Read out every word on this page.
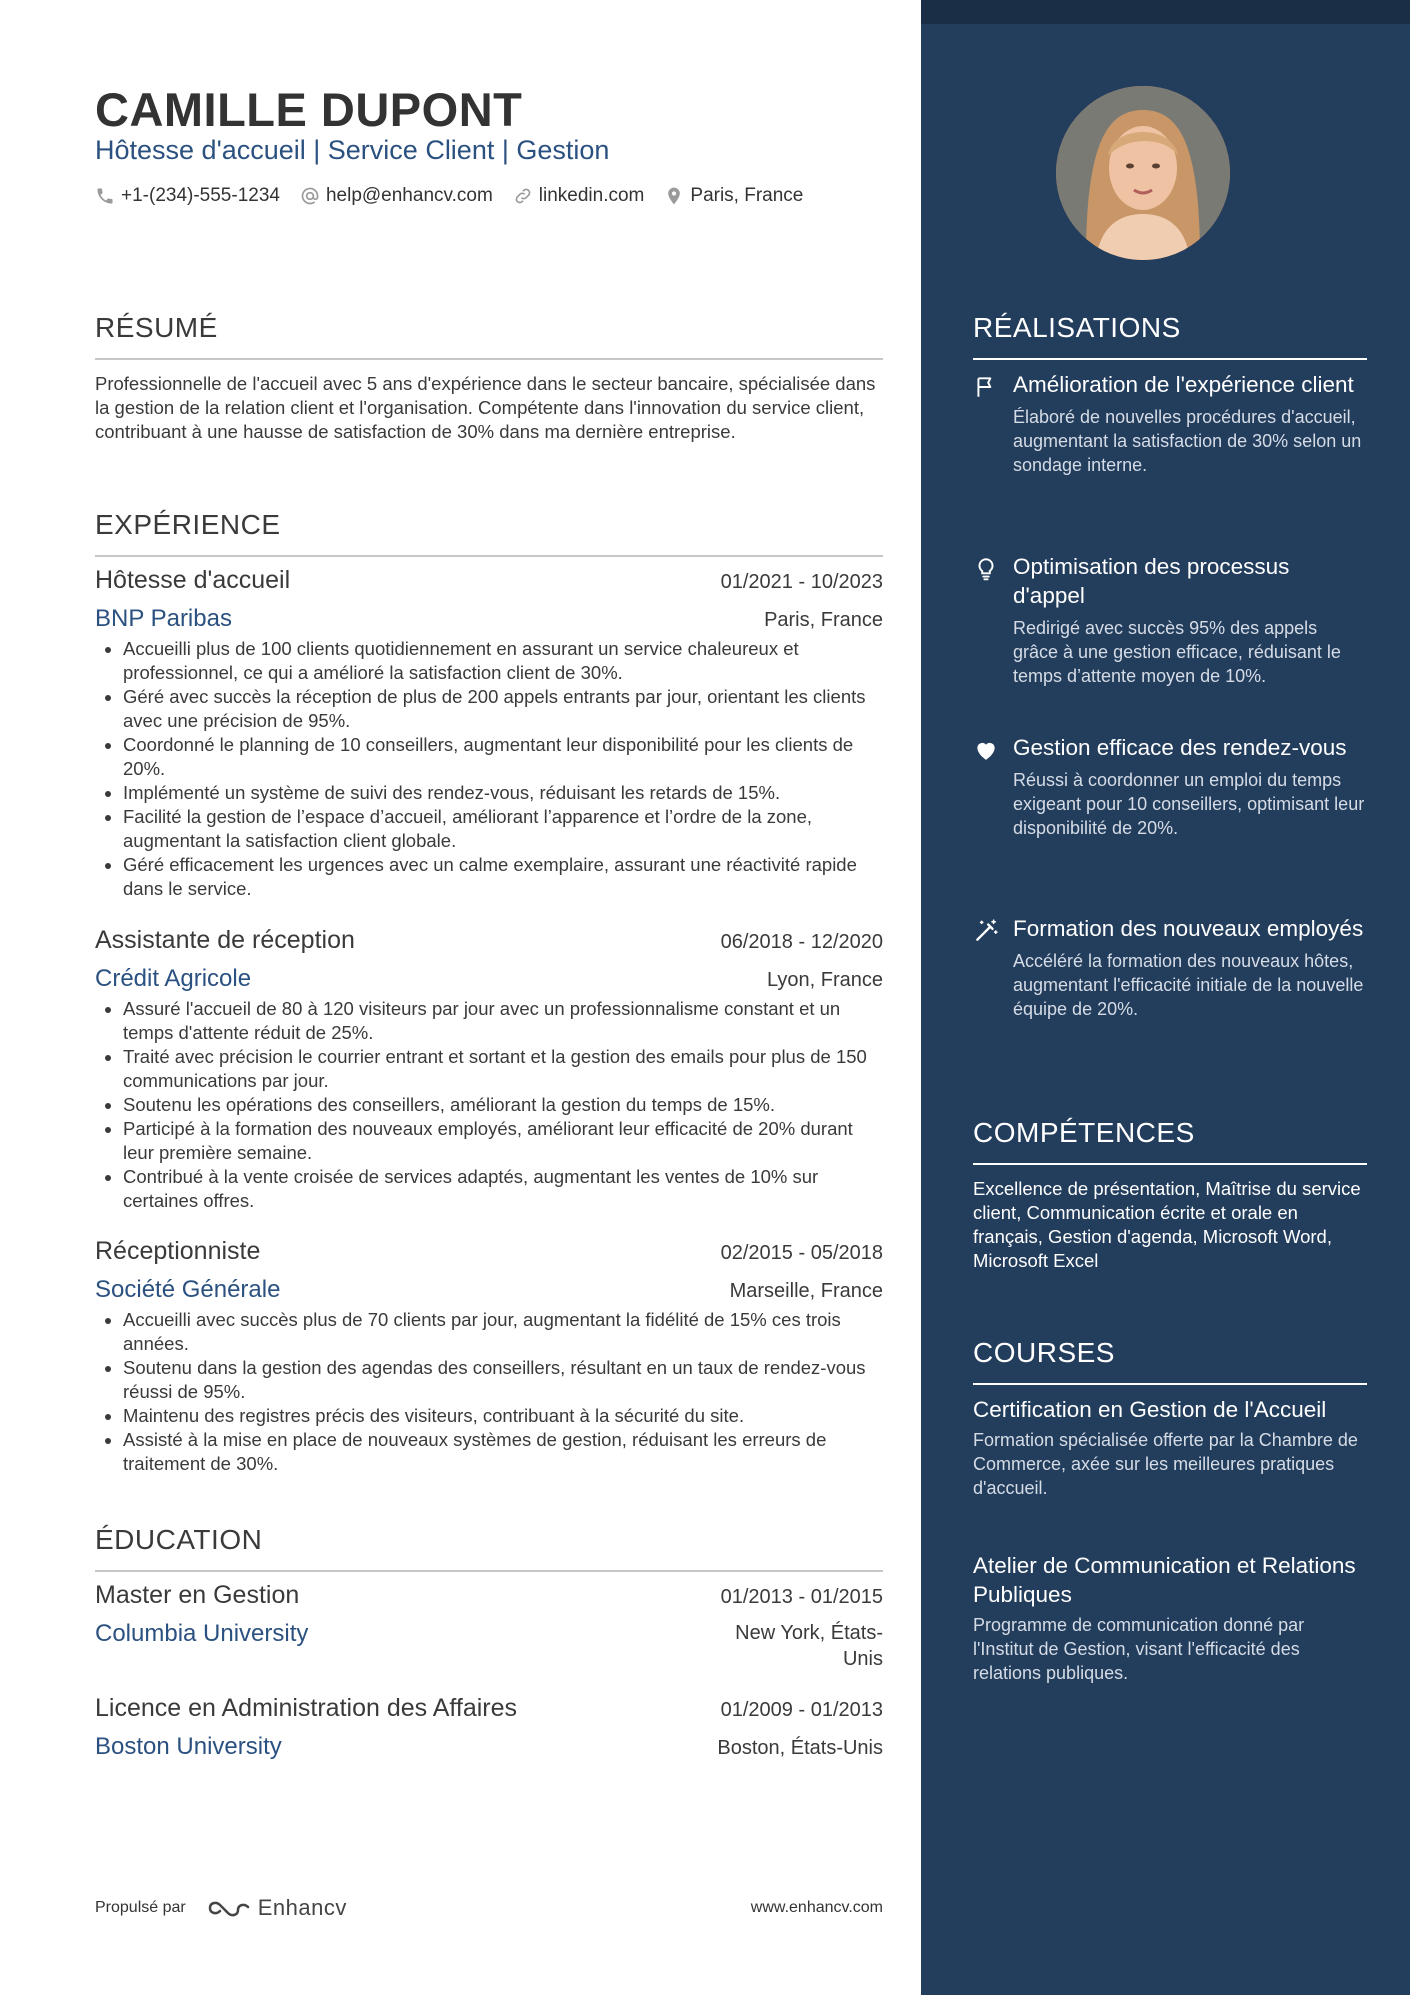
CAMILLE DUPONT
Hôtesse d'accueil | Service Client | Gestion
+1-(234)-555-1234 help@enhancv.com linkedin.com Paris, France
RÉSUMÉ
Professionnelle de l'accueil avec 5 ans d'expérience dans le secteur bancaire, spécialisée dans la gestion de la relation client et l'organisation. Compétente dans l'innovation du service client, contribuant à une hausse de satisfaction de 30% dans ma dernière entreprise.
EXPÉRIENCE
Hôtesse d'accueil	01/2021 - 10/2023
BNP Paribas	Paris, France
• Accueilli plus de 100 clients quotidiennement en assurant un service chaleureux et professionnel, ce qui a amélioré la satisfaction client de 30%.
• Géré avec succès la réception de plus de 200 appels entrants par jour, orientant les clients avec une précision de 95%.
• Coordonné le planning de 10 conseillers, augmentant leur disponibilité pour les clients de 20%.
• Implémenté un système de suivi des rendez-vous, réduisant les retards de 15%.
• Facilité la gestion de l’espace d’accueil, améliorant l’apparence et l’ordre de la zone, augmentant la satisfaction client globale.
• Géré efficacement les urgences avec un calme exemplaire, assurant une réactivité rapide dans le service.
Assistante de réception	06/2018 - 12/2020
Crédit Agricole	Lyon, France
• Assuré l'accueil de 80 à 120 visiteurs par jour avec un professionnalisme constant et un temps d'attente réduit de 25%.
• Traité avec précision le courrier entrant et sortant et la gestion des emails pour plus de 150 communications par jour.
• Soutenu les opérations des conseillers, améliorant la gestion du temps de 15%.
• Participé à la formation des nouveaux employés, améliorant leur efficacité de 20% durant leur première semaine.
• Contribué à la vente croisée de services adaptés, augmentant les ventes de 10% sur certaines offres.
Réceptionniste	02/2015 - 05/2018
Société Générale	Marseille, France
• Accueilli avec succès plus de 70 clients par jour, augmentant la fidélité de 15% ces trois années.
• Soutenu dans la gestion des agendas des conseillers, résultant en un taux de rendez-vous réussi de 95%.
• Maintenu des registres précis des visiteurs, contribuant à la sécurité du site.
• Assisté à la mise en place de nouveaux systèmes de gestion, réduisant les erreurs de traitement de 30%.
ÉDUCATION
Master en Gestion	01/2013 - 01/2015
Columbia University	New York, États-Unis
Licence en Administration des Affaires	01/2009 - 01/2013
Boston University	Boston, États-Unis
Propulsé par	Enhancv	www.enhancv.com
RÉALISATIONS
Amélioration de l'expérience client
Élaboré de nouvelles procédures d'accueil, augmentant la satisfaction de 30% selon un sondage interne.
Optimisation des processus d'appel
Redirigé avec succès 95% des appels grâce à une gestion efficace, réduisant le temps d’attente moyen de 10%.
Gestion efficace des rendez-vous
Réussi à coordonner un emploi du temps exigeant pour 10 conseillers, optimisant leur disponibilité de 20%.
Formation des nouveaux employés
Accéléré la formation des nouveaux hôtes, augmentant l'efficacité initiale de la nouvelle équipe de 20%.
COMPÉTENCES
Excellence de présentation, Maîtrise du service client, Communication écrite et orale en français, Gestion d'agenda, Microsoft Word, Microsoft Excel
COURSES
Certification en Gestion de l'Accueil
Formation spécialisée offerte par la Chambre de Commerce, axée sur les meilleures pratiques d'accueil.
Atelier de Communication et Relations Publiques
Programme de communication donné par l'Institut de Gestion, visant l'efficacité des relations publiques.
